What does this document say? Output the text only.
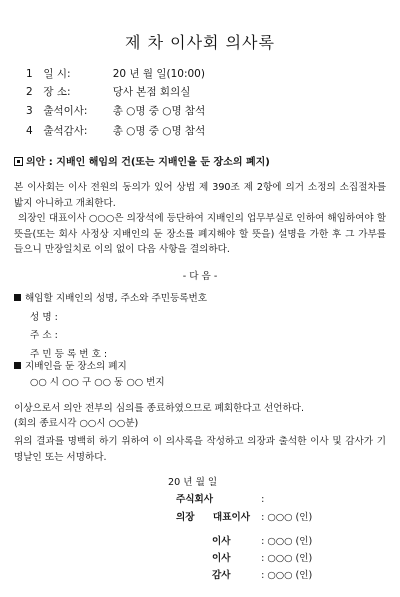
제 차 이사회 의사록
1 일 시:	20 년 월 일(10:00)
2 장 소:	당사 본점 회의실
3 출석이사: 총 ○명 중 ○명 참석
4 출석감사: 총 ○명 중 ○명 참석
의안 : 지배인 해임의 건(또는 지배인을 둔 장소의 폐지)
본 이사회는 이사 전원의 동의가 있어 상법 제 390조 제 2항에 의거 소정의 소집절차를 밟지 아니하고 개최한다.
의장인 대표이사 ○○○은 의장석에 등단하여 지배인의 업무부실로 인하여 해임하여야 할 뜻을(또는 회사 사정상 지배인의 둔 장소를 폐지해야 할 뜻을) 설명을 가한 후 그 가부를 들으니 만장일치로 이의 없이 다음 사항을 결의하다.
- 다 음 -
해임할 지배인의 성명, 주소와 주민등록번호
성 명 :
주 소 :
주 민 등 록 번 호 :
지배인을 둔 장소의 폐지
○○ 시 ○○ 구 ○○ 동 ○○ 번지
이상으로서 의안 전부의 심의를 종료하였으므로 폐회한다고 선언하다.
(회의 종료시각 ○○시 ○○분)
위의 결과를 명백히 하기 위하여 이 의사록을 작성하고 의장과 출석한 이사 및 감사가 기명날인 또는 서명하다.
20 년 월 일
주식회사	:
의장 대표이사 : ○○○ (인)
이사	: ○○○ (인)
이사	: ○○○ (인)
감사	: ○○○ (인)
